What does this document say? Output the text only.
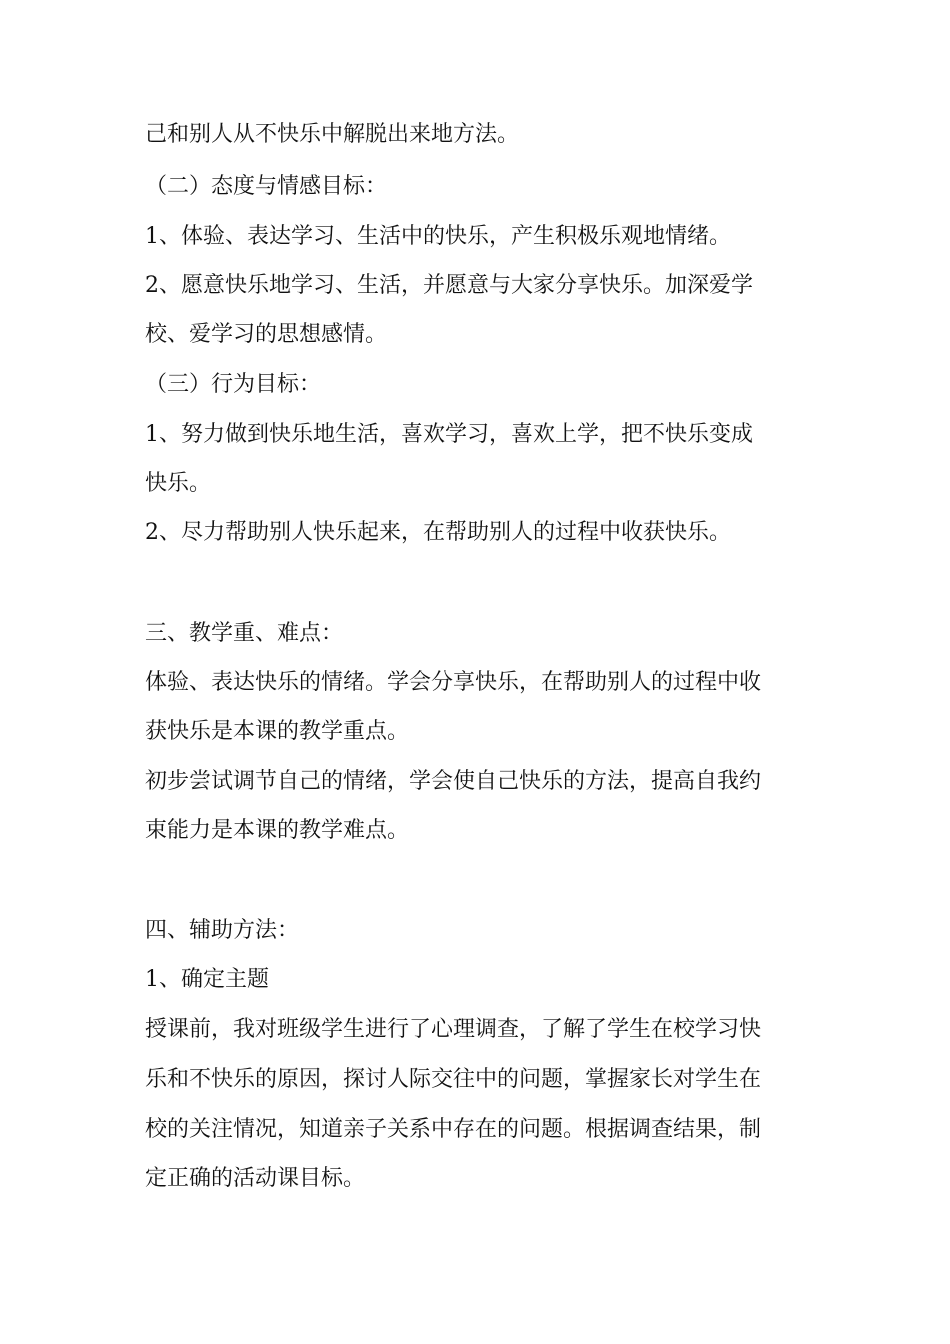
己和别人从不快乐中解脱出来地方法。
（二）态度与情感目标：
1、体验、表达学习、生活中的快乐，产生积极乐观地情绪。
2、愿意快乐地学习、生活，并愿意与大家分享快乐。加深爱学
校、爱学习的思想感情。
（三）行为目标：
1、努力做到快乐地生活，喜欢学习，喜欢上学，把不快乐变成
快乐。
2、尽力帮助别人快乐起来，在帮助别人的过程中收获快乐。
三、教学重、难点：
体验、表达快乐的情绪。学会分享快乐，在帮助别人的过程中收
获快乐是本课的教学重点。
初步尝试调节自己的情绪，学会使自己快乐的方法，提高自我约
束能力是本课的教学难点。
四、辅助方法：
1、确定主题
授课前，我对班级学生进行了心理调查，了解了学生在校学习快
乐和不快乐的原因，探讨人际交往中的问题，掌握家长对学生在
校的关注情况，知道亲子关系中存在的问题。根据调查结果，制
定正确的活动课目标。
